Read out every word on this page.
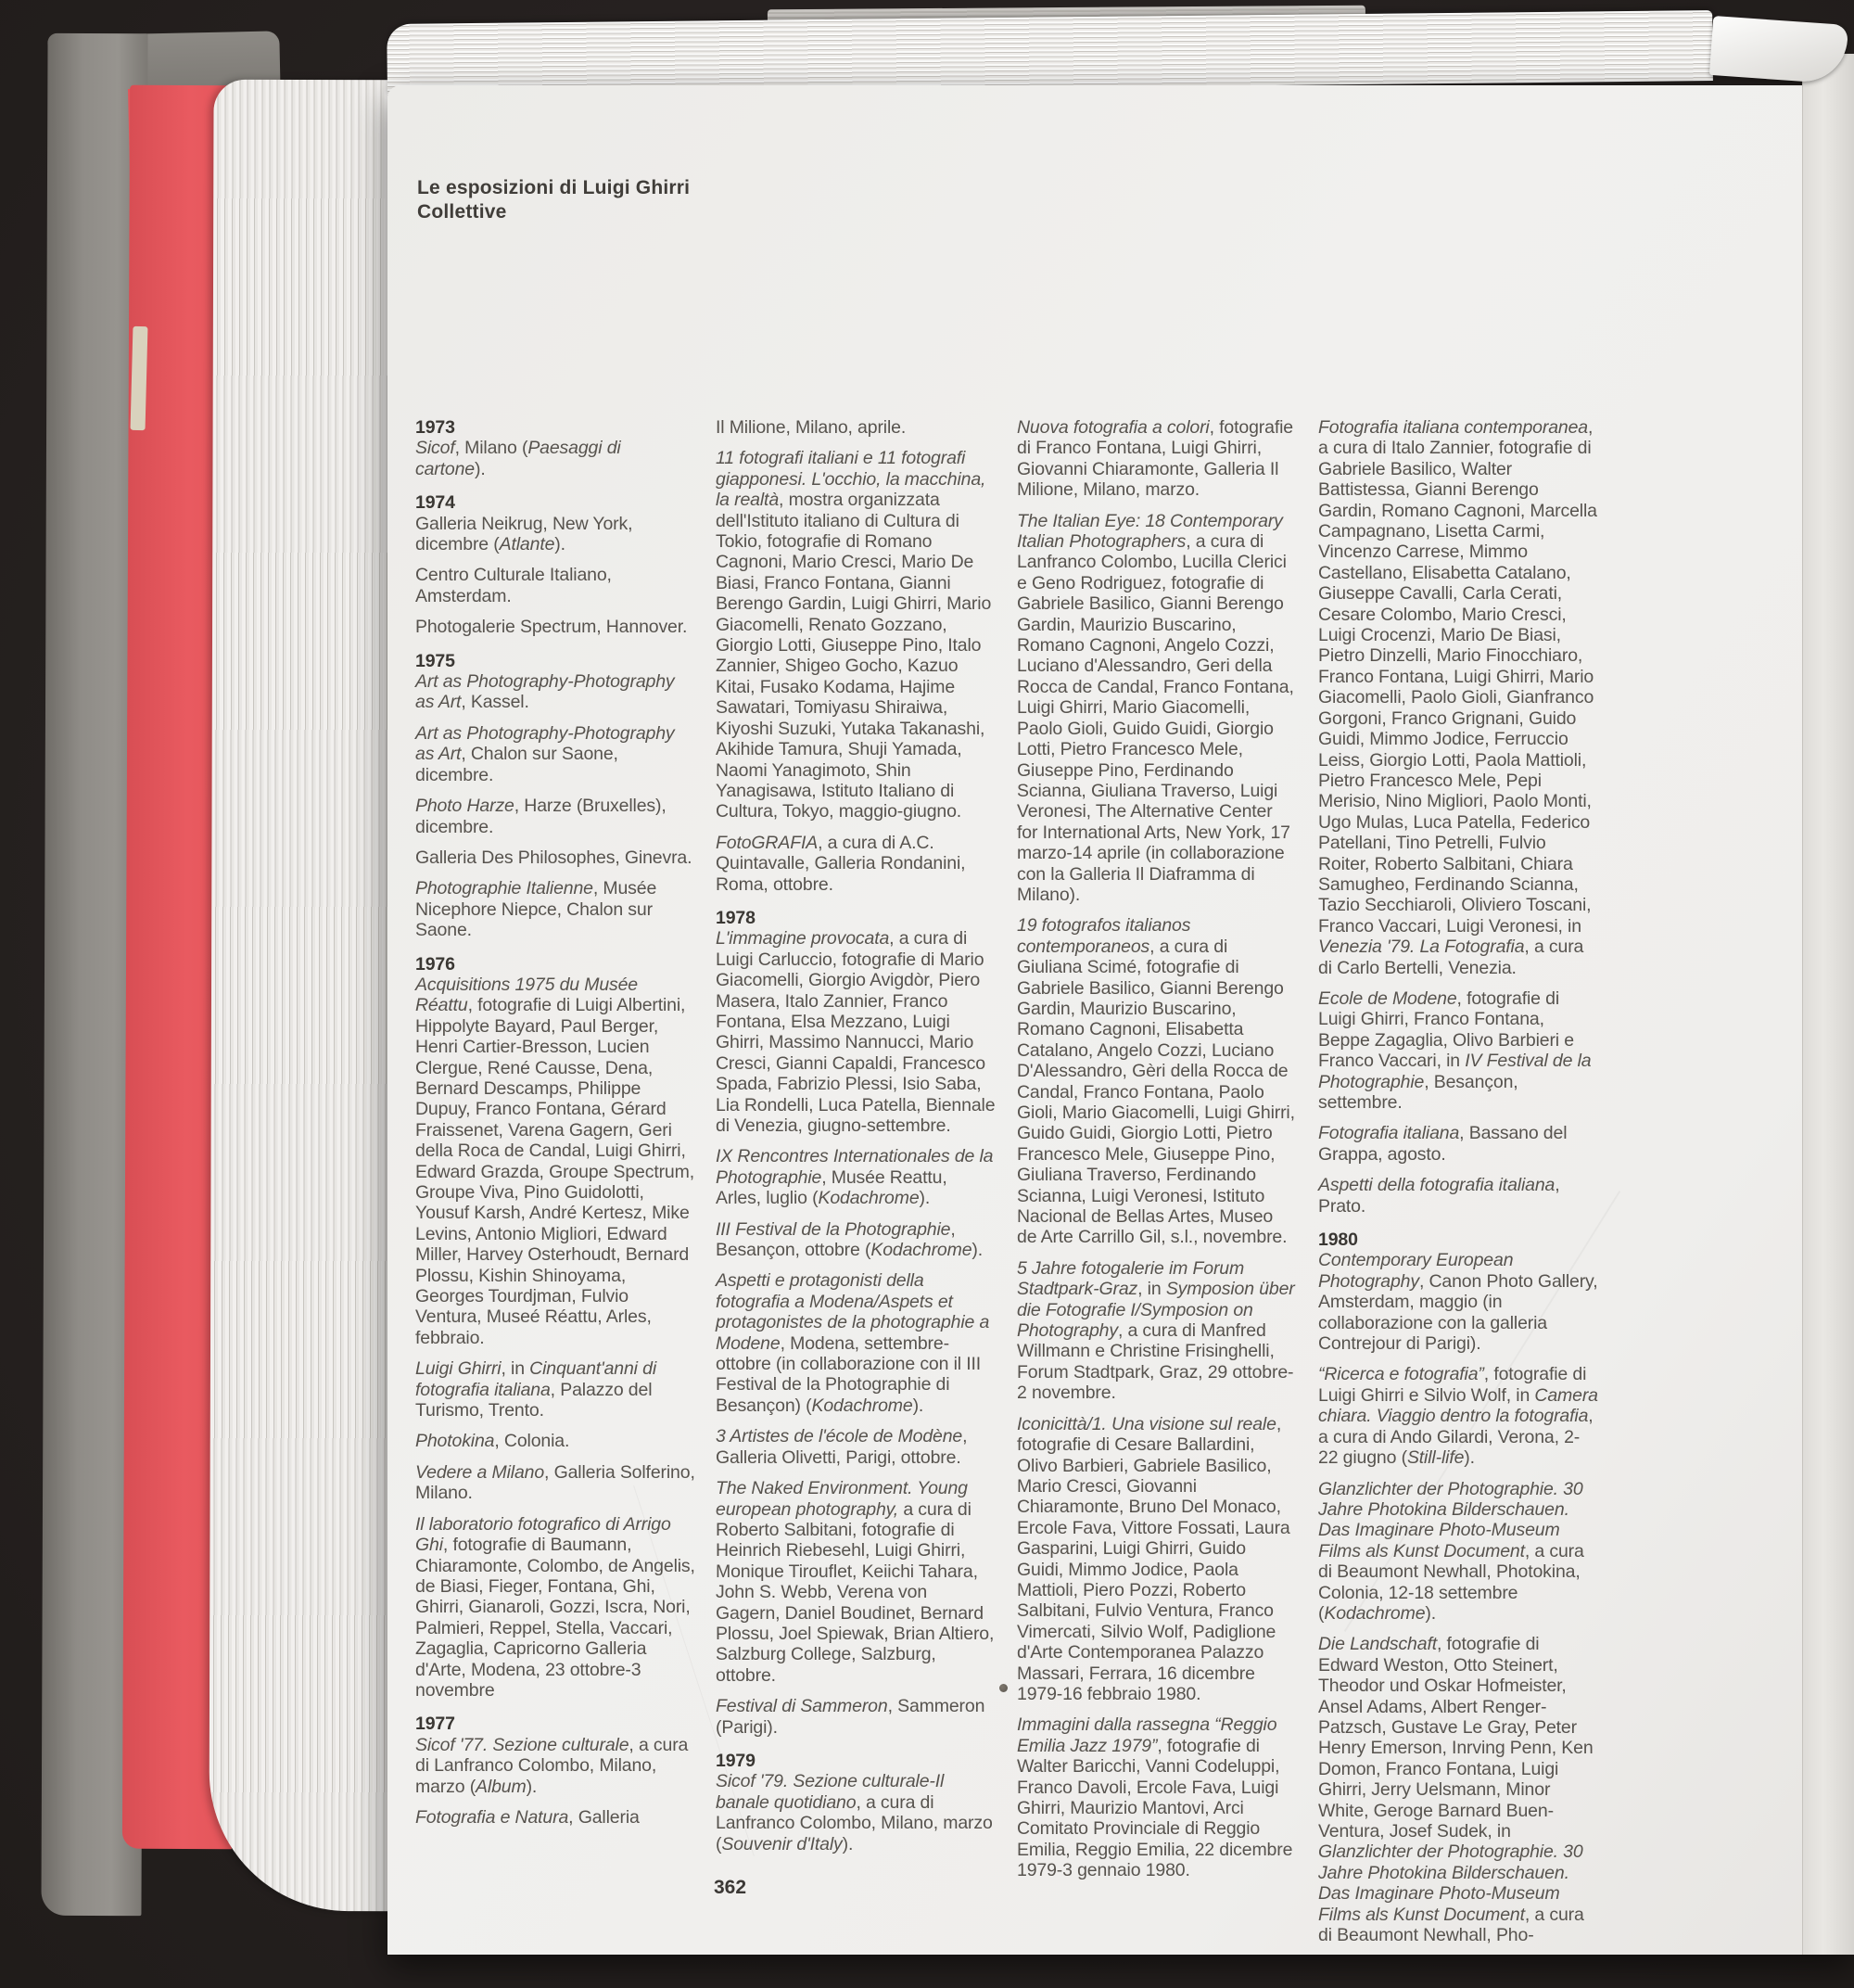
Le esposizioni di Luigi Ghirri
Collettive
1973

Sicof, Milano (Paesaggi di cartone).

1974

Galleria Neikrug, New York, dicembre (Atlante).

Centro Culturale Italiano, Amsterdam.

Photogalerie Spectrum, Hannover.

1975

Art as Photography-Photography as Art, Kassel.

Art as Photography-Photography as Art, Chalon sur Saone, dicembre.

Photo Harze, Harze (Bruxelles), dicembre.

Galleria Des Philosophes, Ginevra.

Photographie Italienne, Musée Nicephore Niepce, Chalon sur Saone.

1976

Acquisitions 1975 du Musée Réattu, fotografie di Luigi Albertini, Hippolyte Bayard, Paul Berger, Henri Cartier-Bresson, Lucien Clergue, René Causse, Dena, Bernard Descamps, Philippe Dupuy, Franco Fontana, Gérard Fraissenet, Varena Gagern, Geri della Roca de Candal, Luigi Ghirri, Edward Grazda, Groupe Spectrum, Groupe Viva, Pino Guidolotti, Yousuf Karsh, André Kertesz, Mike Levins, Antonio Migliori, Edward Miller, Harvey Osterhoudt, Bernard Plossu, Kishin Shinoyama, Georges Tourdjman, Fulvio Ventura, Museé Réattu, Arles, febbraio.

Luigi Ghirri, in Cinquant'anni di fotografia italiana, Palazzo del Turismo, Trento.

Photokina, Colonia.

Vedere a Milano, Galleria Solferino, Milano.

Il laboratorio fotografico di Arrigo Ghi, fotografie di Baumann, Chiaramonte, Colombo, de Angelis, de Biasi, Fieger, Fontana, Ghi, Ghirri, Gianaroli, Gozzi, Iscra, Nori, Palmieri, Reppel, Stella, Vaccari, Zagaglia, Capricorno Galleria d'Arte, Modena, 23 ottobre-3 novembre

1977

Sicof '77. Sezione culturale, a cura di Lanfranco Colombo, Milano, marzo (Album).

Fotografia e Natura, Galleria

Il Milione, Milano, aprile.

11 fotografi italiani e 11 fotografi giapponesi. L'occhio, la macchina, la realtà, mostra organizzata dell'Istituto italiano di Cultura di Tokio, fotografie di Romano Cagnoni, Mario Cresci, Mario De Biasi, Franco Fontana, Gianni Berengo Gardin, Luigi Ghirri, Mario Giacomelli, Renato Gozzano, Giorgio Lotti, Giuseppe Pino, Italo Zannier, Shigeo Gocho, Kazuo Kitai, Fusako Kodama, Hajime Sawatari, Tomiyasu Shiraiwa, Kiyoshi Suzuki, Yutaka Takanashi, Akihide Tamura, Shuji Yamada, Naomi Yanagimoto, Shin Yanagisawa, Istituto Italiano di Cultura, Tokyo, maggio-giugno.

FotoGRAFIA, a cura di A.C. Quintavalle, Galleria Rondanini, Roma, ottobre.

1978

L'immagine provocata, a cura di Luigi Carluccio, fotografie di Mario Giacomelli, Giorgio Avigdòr, Piero Masera, Italo Zannier, Franco Fontana, Elsa Mezzano, Luigi Ghirri, Massimo Nannucci, Mario Cresci, Gianni Capaldi, Francesco Spada, Fabrizio Plessi, Isio Saba, Lia Rondelli, Luca Patella, Biennale di Venezia, giugno-settembre.

IX Rencontres Internationales de la Photographie, Musée Reattu, Arles, luglio (Kodachrome).

III Festival de la Photographie, Besançon, ottobre (Kodachrome).

Aspetti e protagonisti della fotografia a Modena/Aspets et protagonistes de la photographie a Modene, Modena, settembre-ottobre (in collaborazione con il III Festival de la Photographie di Besançon) (Kodachrome).

3 Artistes de l'école de Modène, Galleria Olivetti, Parigi, ottobre.

The Naked Environment. Young european photography, a cura di Roberto Salbitani, fotografie di Heinrich Riebesehl, Luigi Ghirri, Monique Tirouflet, Keiichi Tahara, John S. Webb, Verena von Gagern, Daniel Boudinet, Bernard Plossu, Joel Spiewak, Brian Altiero, Salzburg College, Salzburg, ottobre.

Festival di Sammeron, Sammeron (Parigi).

1979

Sicof '79. Sezione culturale-Il banale quotidiano, a cura di Lanfranco Colombo, Milano, marzo (Souvenir d'Italy).

Nuova fotografia a colori, fotografie di Franco Fontana, Luigi Ghirri, Giovanni Chiaramonte, Galleria Il Milione, Milano, marzo.

The Italian Eye: 18 Contemporary Italian Photographers, a cura di Lanfranco Colombo, Lucilla Clerici e Geno Rodriguez, fotografie di Gabriele Basilico, Gianni Berengo Gardin, Maurizio Buscarino, Romano Cagnoni, Angelo Cozzi, Luciano d'Alessandro, Geri della Rocca de Candal, Franco Fontana, Luigi Ghirri, Mario Giacomelli, Paolo Gioli, Guido Guidi, Giorgio Lotti, Pietro Francesco Mele, Giuseppe Pino, Ferdinando Scianna, Giuliana Traverso, Luigi Veronesi, The Alternative Center for International Arts, New York, 17 marzo-14 aprile (in collaborazione con la Galleria Il Diaframma di Milano).

19 fotografos italianos contemporaneos, a cura di Giuliana Scimé, fotografie di Gabriele Basilico, Gianni Berengo Gardin, Maurizio Buscarino, Romano Cagnoni, Elisabetta Catalano, Angelo Cozzi, Luciano D'Alessandro, Gèri della Rocca de Candal, Franco Fontana, Paolo Gioli, Mario Giacomelli, Luigi Ghirri, Guido Guidi, Giorgio Lotti, Pietro Francesco Mele, Giuseppe Pino, Giuliana Traverso, Ferdinando Scianna, Luigi Veronesi, Istituto Nacional de Bellas Artes, Museo de Arte Carrillo Gil, s.l., novembre.

5 Jahre fotogalerie im Forum Stadtpark-Graz, in Symposion über die Fotografie I/Symposion on Photography, a cura di Manfred Willmann e Christine Frisinghelli, Forum Stadtpark, Graz, 29 ottobre-2 novembre.

Iconicittà/1. Una visione sul reale, fotografie di Cesare Ballardini, Olivo Barbieri, Gabriele Basilico, Mario Cresci, Giovanni Chiaramonte, Bruno Del Monaco, Ercole Fava, Vittore Fossati, Laura Gasparini, Luigi Ghirri, Guido Guidi, Mimmo Jodice, Paola Mattioli, Piero Pozzi, Roberto Salbitani, Fulvio Ventura, Franco Vimercati, Silvio Wolf, Padiglione d'Arte Contemporanea Palazzo Massari, Ferrara, 16 dicembre 1979-16 febbraio 1980.

Immagini dalla rassegna “Reggio Emilia Jazz 1979”, fotografie di Walter Baricchi, Vanni Codeluppi, Franco Davoli, Ercole Fava, Luigi Ghirri, Maurizio Mantovi, Arci Comitato Provinciale di Reggio Emilia, Reggio Emilia, 22 dicembre 1979-3 gennaio 1980.

Fotografia italiana contemporanea, a cura di Italo Zannier, fotografie di Gabriele Basilico, Walter Battistessa, Gianni Berengo Gardin, Romano Cagnoni, Marcella Campagnano, Lisetta Carmi, Vincenzo Carrese, Mimmo Castellano, Elisabetta Catalano, Giuseppe Cavalli, Carla Cerati, Cesare Colombo, Mario Cresci, Luigi Crocenzi, Mario De Biasi, Pietro Dinzelli, Mario Finocchiaro, Franco Fontana, Luigi Ghirri, Mario Giacomelli, Paolo Gioli, Gianfranco Gorgoni, Franco Grignani, Guido Guidi, Mimmo Jodice, Ferruccio Leiss, Giorgio Lotti, Paola Mattioli, Pietro Francesco Mele, Pepi Merisio, Nino Migliori, Paolo Monti, Ugo Mulas, Luca Patella, Federico Patellani, Tino Petrelli, Fulvio Roiter, Roberto Salbitani, Chiara Samugheo, Ferdinando Scianna, Tazio Secchiaroli, Oliviero Toscani, Franco Vaccari, Luigi Veronesi, in Venezia '79. La Fotografia, a cura di Carlo Bertelli, Venezia.

Ecole de Modene, fotografie di Luigi Ghirri, Franco Fontana, Beppe Zagaglia, Olivo Barbieri e Franco Vaccari, in IV Festival de la Photographie, Besançon, settembre.

Fotografia italiana, Bassano del Grappa, agosto.

Aspetti della fotografia italiana, Prato.

1980

Contemporary European Photography, Canon Photo Gallery, Amsterdam, maggio (in collaborazione con la galleria Contrejour di Parigi).

“Ricerca e fotografia”, fotografie di Luigi Ghirri e Silvio Wolf, in Camera chiara. Viaggio dentro la fotografia, a cura di Ando Gilardi, Verona, 2-22 giugno (Still-life).

Glanzlichter der Photographie. 30 Jahre Photokina Bilderschauen. Das Imaginare Photo-Museum Films als Kunst Document, a cura di Beaumont Newhall, Photokina, Colonia, 12-18 settembre (Kodachrome).

Die Landschaft, fotografie di Edward Weston, Otto Steinert, Theodor und Oskar Hofmeister, Ansel Adams, Albert Renger-Patzsch, Gustave Le Gray, Peter Henry Emerson, Inrving Penn, Ken Domon, Franco Fontana, Luigi Ghirri, Jerry Uelsmann, Minor White, Geroge Barnard Buen-Ventura, Josef Sudek, in Glanzlichter der Photographie. 30 Jahre Photokina Bilderschauen. Das Imaginare Photo-Museum Films als Kunst Document, a cura di Beaumont Newhall, Pho-

362
